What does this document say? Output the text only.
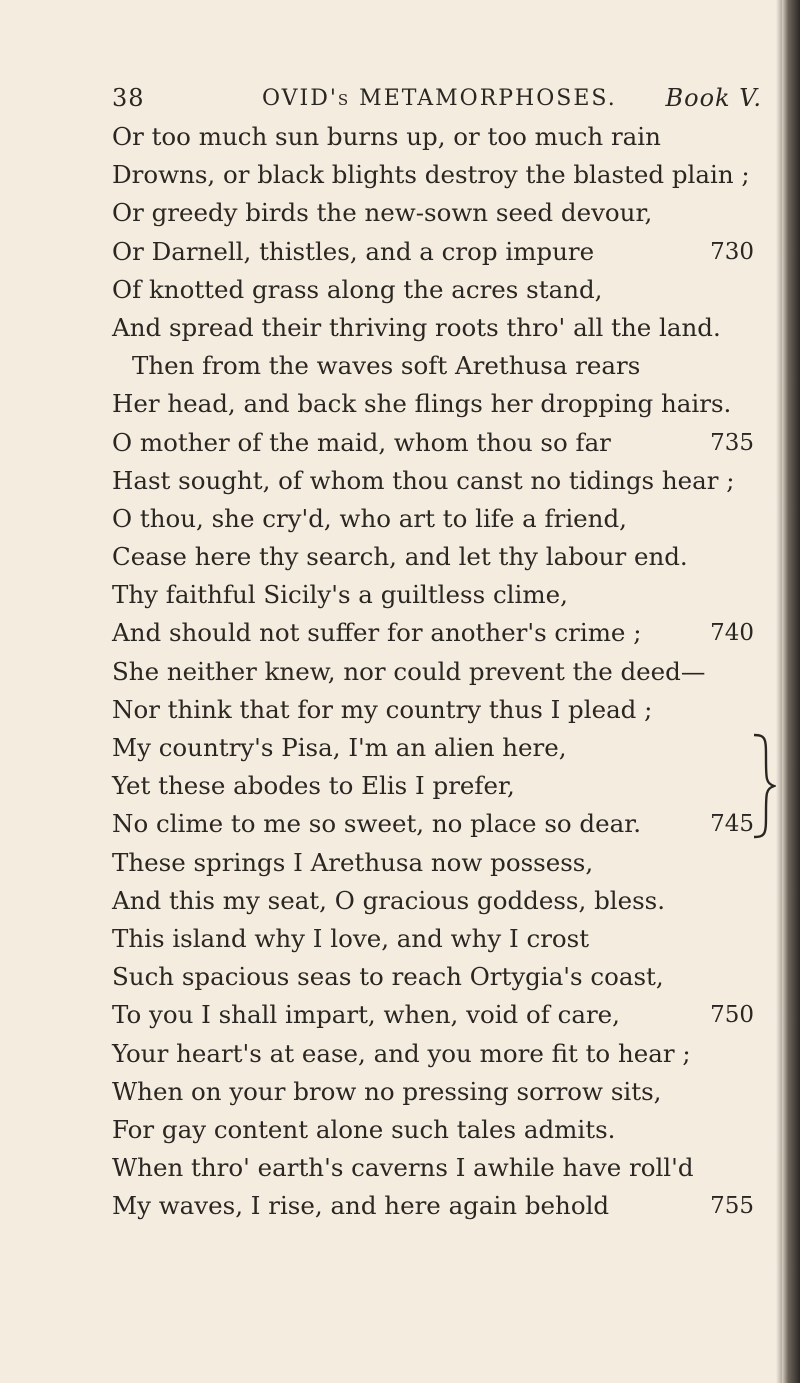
38	OVID's METAMORPHOSES. Book V.
Or too much sun burns up, or too much rain
Drowns, or black blights destroy the blasted plain ;
Or greedy birds the new-sown seed devour,
Or Darnell, thistles, and a crop impure	730
Of knotted grass along the acres stand,
And spread their thriving roots thro' all the land.
Then from the waves soft Arethusa rears
Her head, and back she flings her dropping hairs.
O mother of the maid, whom thou so far	735
Hast sought, of whom thou canst no tidings hear ;
O thou, she cry'd, who art to life a friend,
Cease here thy search, and let thy labour end.
Thy faithful Sicily's a guiltless clime,
And should not suffer for another's crime ;	740
She neither knew, nor could prevent the deed—
Nor think that for my country thus I plead ;
My country's Pisa, I'm an alien here,
Yet these abodes to Elis I prefer,
No clime to me so sweet, no place so dear.	745
These springs I Arethusa now possess,
And this my seat, O gracious goddess, bless.
This island why I love, and why I crost
Such spacious seas to reach Ortygia's coast,
To you I shall impart, when, void of care,	750
Your heart's at ease, and you more fit to hear ;
When on your brow no pressing sorrow sits,
For gay content alone such tales admits.
When thro' earth's caverns I awhile have roll'd
My waves, I rise, and here again behold	755
